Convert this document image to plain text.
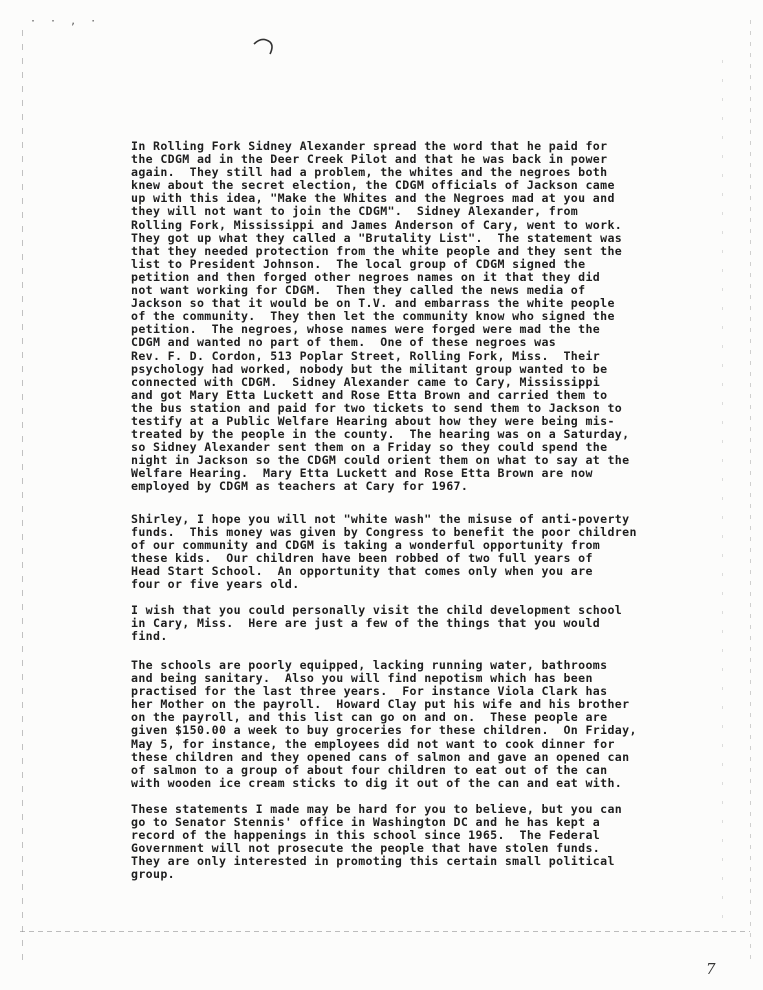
· · ‚ ·
In Rolling Fork Sidney Alexander spread the word that he paid for
the CDGM ad in the Deer Creek Pilot and that he was back in power
again.  They still had a problem, the whites and the negroes both
knew about the secret election, the CDGM officials of Jackson came
up with this idea, "Make the Whites and the Negroes mad at you and
they will not want to join the CDGM".  Sidney Alexander, from
Rolling Fork, Mississippi and James Anderson of Cary, went to work.
They got up what they called a "Brutality List".  The statement was
that they needed protection from the white people and they sent the
list to President Johnson.  The local group of CDGM signed the
petition and then forged other negroes names on it that they did
not want working for CDGM.  Then they called the news media of
Jackson so that it would be on T.V. and embarrass the white people
of the community.  They then let the community know who signed the
petition.  The negroes, whose names were forged were mad the the
CDGM and wanted no part of them.  One of these negroes was
Rev. F. D. Cordon, 513 Poplar Street, Rolling Fork, Miss.  Their
psychology had worked, nobody but the militant group wanted to be
connected with CDGM.  Sidney Alexander came to Cary, Mississippi
and got Mary Etta Luckett and Rose Etta Brown and carried them to
the bus station and paid for two tickets to send them to Jackson to
testify at a Public Welfare Hearing about how they were being mis-
treated by the people in the county.  The hearing was on a Saturday,
so Sidney Alexander sent them on a Friday so they could spend the
night in Jackson so the CDGM could orient them on what to say at the
Welfare Hearing.  Mary Etta Luckett and Rose Etta Brown are now
employed by CDGM as teachers at Cary for 1967.
Shirley, I hope you will not "white wash" the misuse of anti-poverty
funds.  This money was given by Congress to benefit the poor children
of our community and CDGM is taking a wonderful opportunity from
these kids.  Our children have been robbed of two full years of
Head Start School.  An opportunity that comes only when you are
four or five years old.
I wish that you could personally visit the child development school
in Cary, Miss.  Here are just a few of the things that you would
find.
The schools are poorly equipped, lacking running water, bathrooms
and being sanitary.  Also you will find nepotism which has been
practised for the last three years.  For instance Viola Clark has
her Mother on the payroll.  Howard Clay put his wife and his brother
on the payroll, and this list can go on and on.  These people are
given $150.00 a week to buy groceries for these children.  On Friday,
May 5, for instance, the employees did not want to cook dinner for
these children and they opened cans of salmon and gave an opened can
of salmon to a group of about four children to eat out of the can
with wooden ice cream sticks to dig it out of the can and eat with.
These statements I made may be hard for you to believe, but you can
go to Senator Stennis' office in Washington DC and he has kept a
record of the happenings in this school since 1965.  The Federal
Government will not prosecute the people that have stolen funds.
They are only interested in promoting this certain small political
group.
7
